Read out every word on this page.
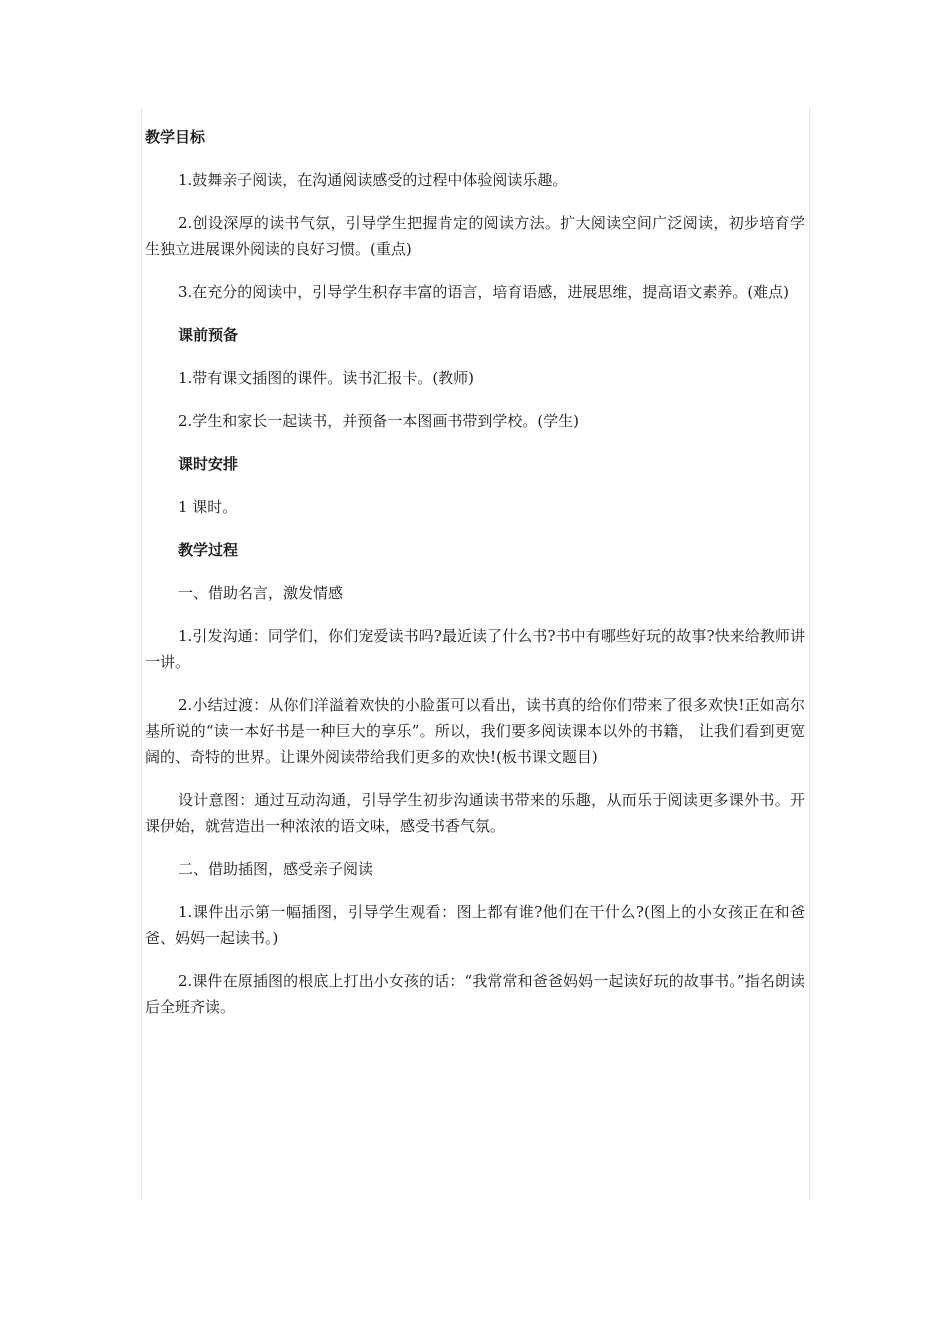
教学目标

1.鼓舞亲子阅读，在沟通阅读感受的过程中体验阅读乐趣。

2.创设深厚的读书气氛，引导学生把握肯定的阅读方法。扩大阅读空间广泛阅读，初步培育学生独立进展课外阅读的良好习惯。(重点)

3.在充分的阅读中，引导学生积存丰富的语言，培育语感，进展思维，提高语文素养。(难点)

课前预备

1.带有课文插图的课件。读书汇报卡。(教师)

2.学生和家长一起读书，并预备一本图画书带到学校。(学生)

课时安排

1 课时。

教学过程

一、借助名言，激发情感

1.引发沟通：同学们，你们宠爱读书吗?最近读了什么书?书中有哪些好玩的故事?快来给教师讲一讲。

2.小结过渡：从你们洋溢着欢快的小脸蛋可以看出，读书真的给你们带来了很多欢快!正如高尔基所说的“读一本好书是一种巨大的享乐”。所以，我们要多阅读课本以外的书籍， 让我们看到更宽阔的、奇特的世界。让课外阅读带给我们更多的欢快!(板书课文题目)

设计意图：通过互动沟通，引导学生初步沟通读书带来的乐趣，从而乐于阅读更多课外书。开课伊始，就营造出一种浓浓的语文味，感受书香气氛。

二、借助插图，感受亲子阅读

1.课件出示第一幅插图，引导学生观看：图上都有谁?他们在干什么?(图上的小女孩正在和爸爸、妈妈一起读书。)

2.课件在原插图的根底上打出小女孩的话：“我常常和爸爸妈妈一起读好玩的故事书。”指名朗读后全班齐读。
